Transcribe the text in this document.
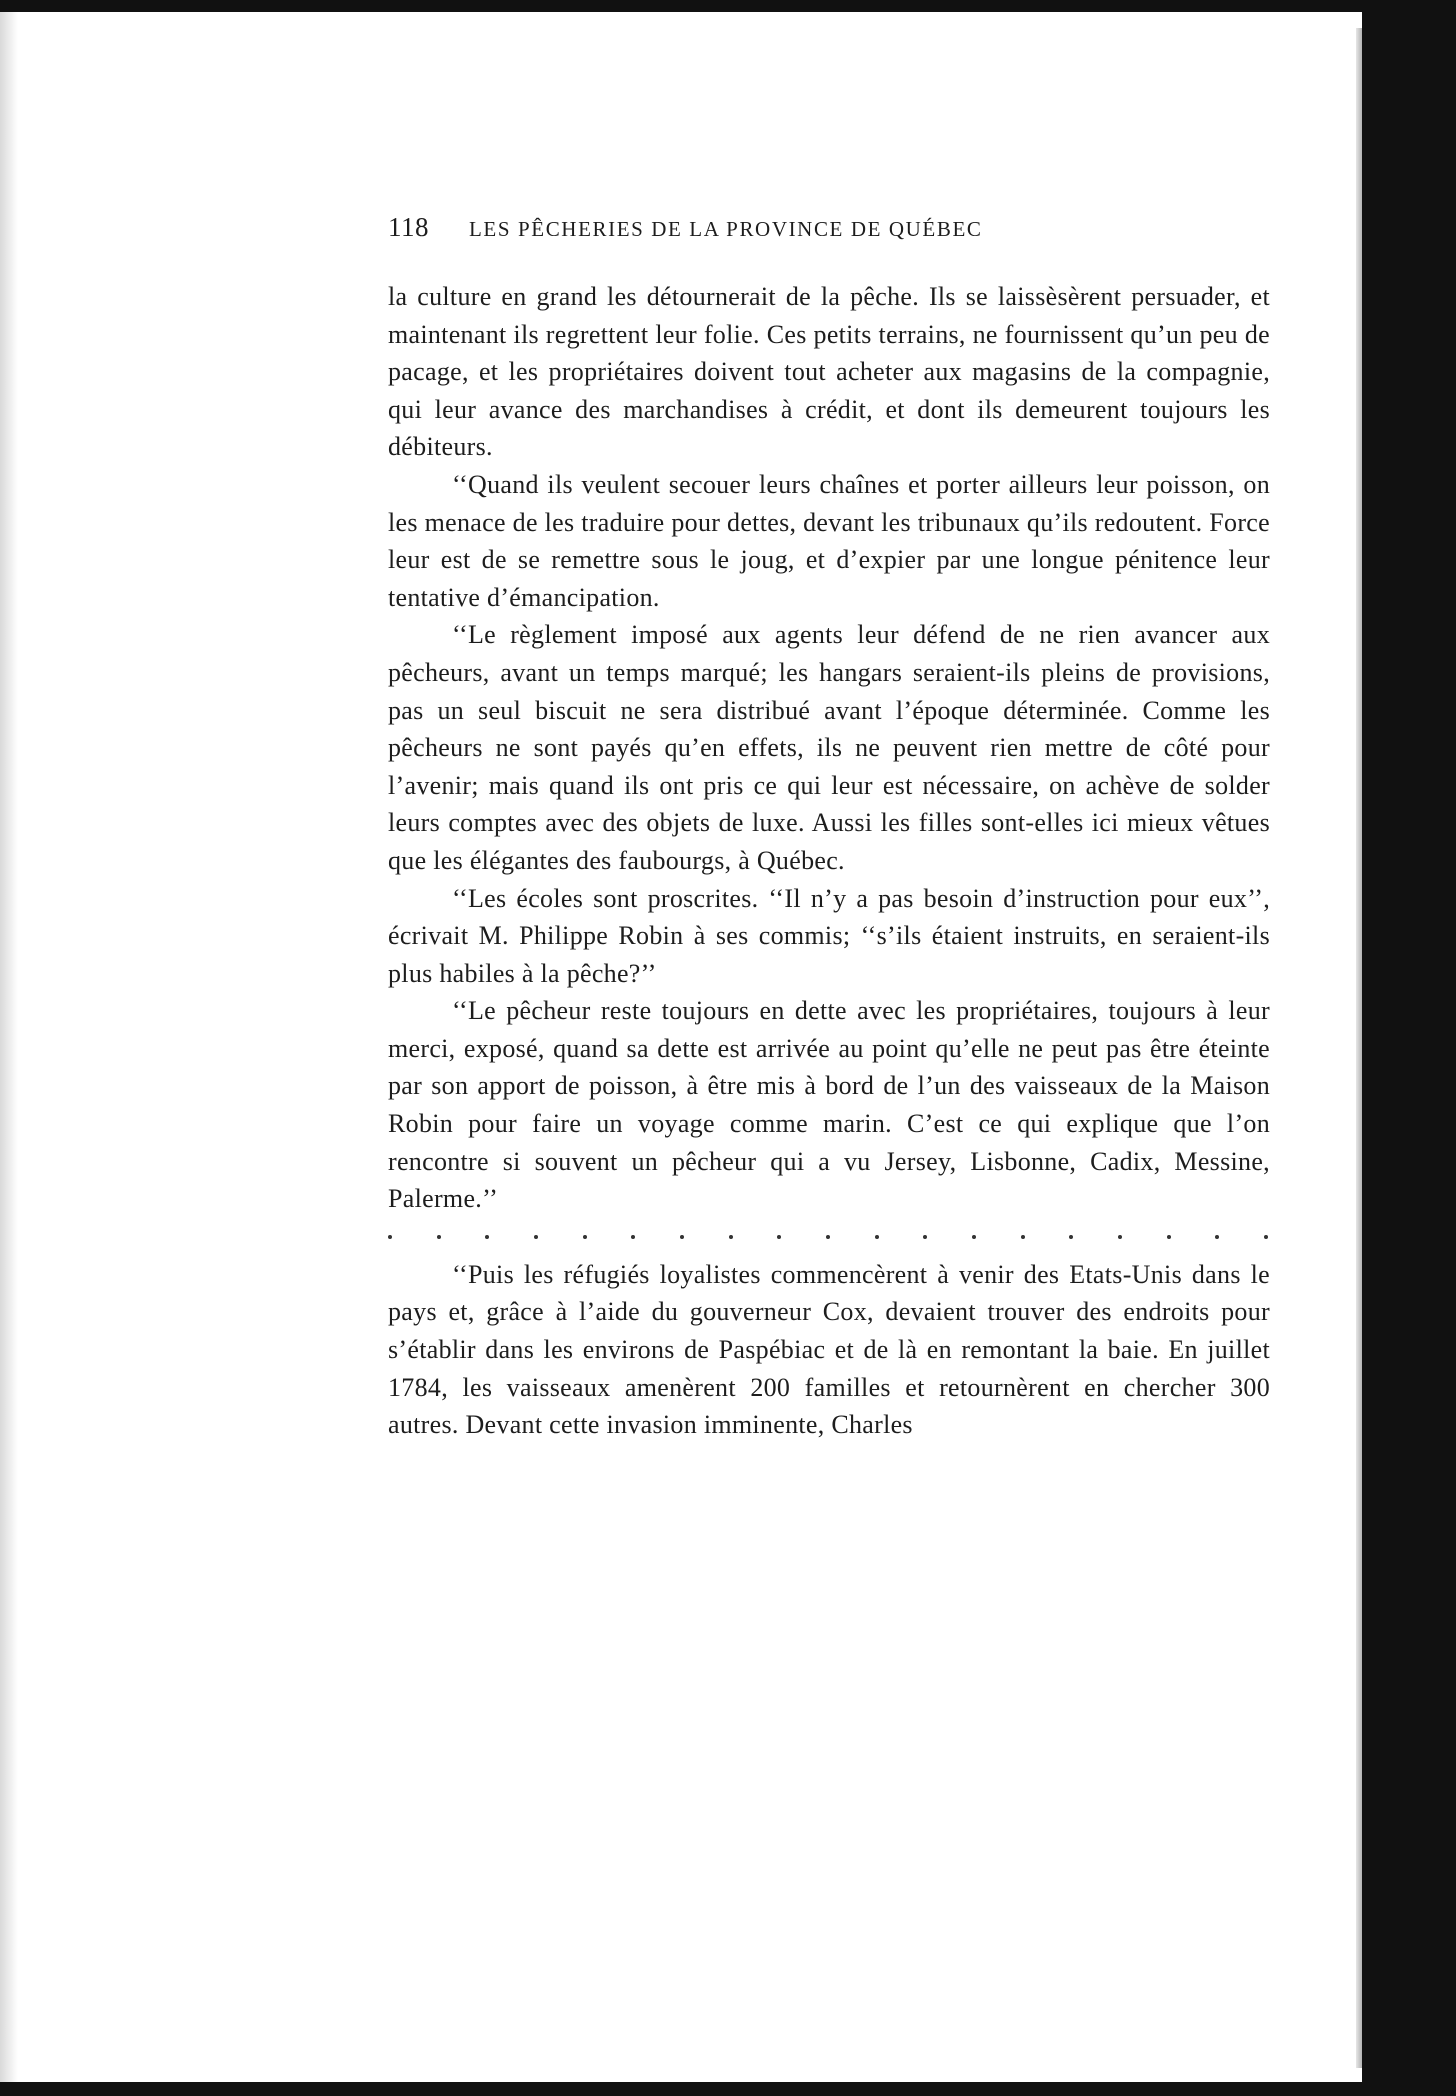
118 LES PÊCHERIES DE LA PROVINCE DE QUÉBEC

la culture en grand les détournerait de la pêche. Ils se laissèsèrent persuader, et maintenant ils regrettent leur folie. Ces petits terrains, ne fournissent qu’un peu de pacage, et les propriétaires doivent tout acheter aux magasins de la compagnie, qui leur avance des marchandises à crédit, et dont ils demeurent toujours les débiteurs.

‘‘Quand ils veulent secouer leurs chaînes et porter ailleurs leur poisson, on les menace de les traduire pour dettes, devant les tribunaux qu’ils redoutent. Force leur est de se remettre sous le joug, et d’expier par une longue pénitence leur tentative d’émancipation.

‘‘Le règlement imposé aux agents leur défend de ne rien avancer aux pêcheurs, avant un temps marqué; les hangars seraient-ils pleins de provisions, pas un seul biscuit ne sera distribué avant l’époque déterminée. Comme les pêcheurs ne sont payés qu’en effets, ils ne peuvent rien mettre de côté pour l’avenir; mais quand ils ont pris ce qui leur est nécessaire, on achève de solder leurs comptes avec des objets de luxe. Aussi les filles sont-elles ici mieux vêtues que les élégantes des faubourgs, à Québec.

‘‘Les écoles sont proscrites. ‘‘Il n’y a pas besoin d’instruction pour eux’’, écrivait M. Philippe Robin à ses commis; ‘‘s’ils étaient instruits, en seraient-ils plus habiles à la pêche?’’

‘‘Le pêcheur reste toujours en dette avec les propriétaires, toujours à leur merci, exposé, quand sa dette est arrivée au point qu’elle ne peut pas être éteinte par son apport de poisson, à être mis à bord de l’un des vaisseaux de la Maison Robin pour faire un voyage comme marin. C’est ce qui explique que l’on rencontre si souvent un pêcheur qui a vu Jersey, Lisbonne, Cadix, Messine, Palerme.’’

‘‘Puis les réfugiés loyalistes commencèrent à venir des Etats-Unis dans le pays et, grâce à l’aide du gouverneur Cox, devaient trouver des endroits pour s’établir dans les environs de Paspébiac et de là en remontant la baie. En juillet 1784, les vaisseaux amenèrent 200 familles et retournèrent en chercher 300 autres. Devant cette invasion imminente, Charles
